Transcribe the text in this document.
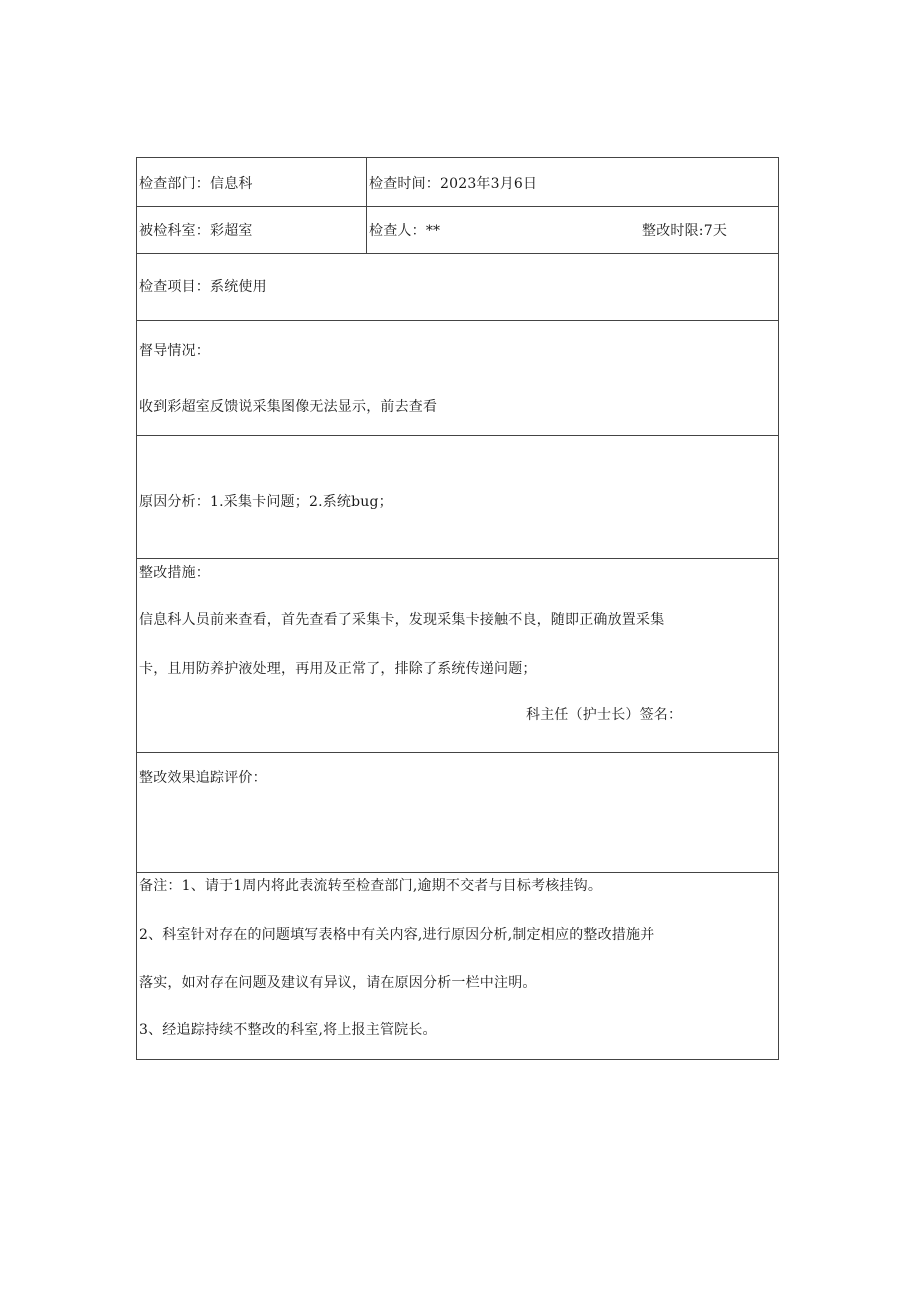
检查部门：信息科	检查时间：2023年3月6日
被检科室：彩超室	检查人：**	整改时限:7天
检查项目：系统使用
督导情况：
收到彩超室反馈说采集图像无法显示，前去查看
原因分析：1.采集卡问题；2.系统bug；
整改措施：
信息科人员前来查看，首先查看了采集卡，发现采集卡接触不良，随即正确放置采集
卡，且用防养护液处理，再用及正常了，排除了系统传递问题；
科主任（护士长）签名：
整改效果追踪评价：
备注：1、请于1周内将此表流转至检查部门,逾期不交者与目标考核挂钩。
2、科室针对存在的问题填写表格中有关内容,进行原因分析,制定相应的整改措施并
落实，如对存在问题及建议有异议，请在原因分析一栏中注明。
3、经追踪持续不整改的科室,将上报主管院长。
